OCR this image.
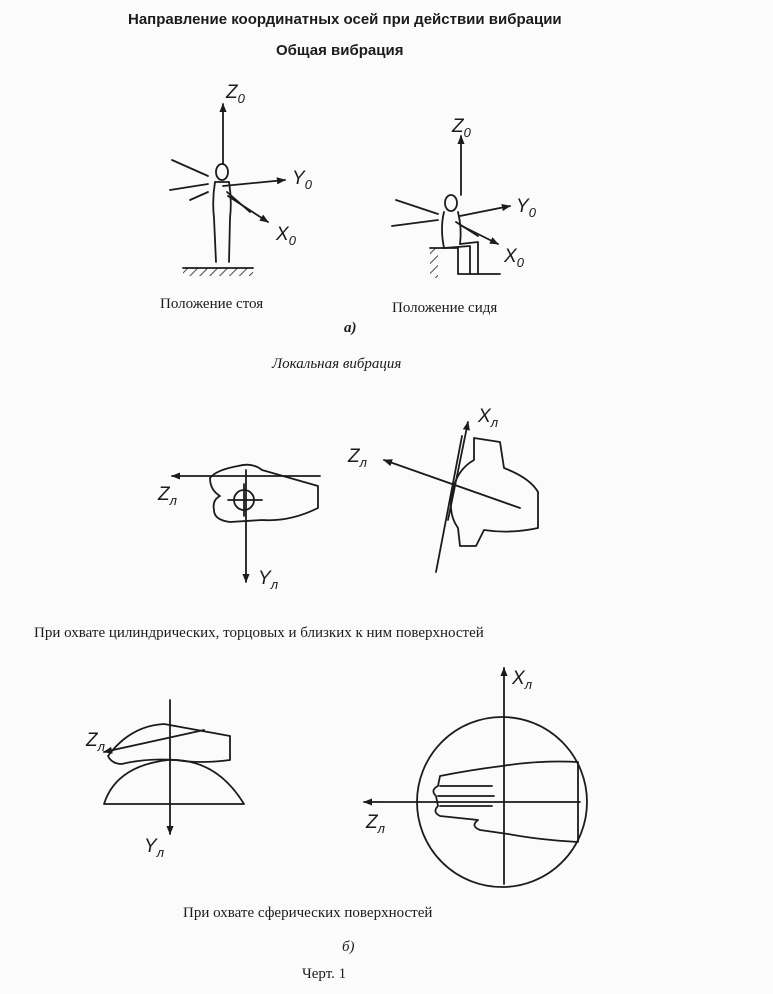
Направление координатных осей при действии вибрации
Общая вибрация
Положение стоя	Положение сидя
а)
Локальная вибрация
При охвате цилиндрических, торцовых и близких к ним поверхностей
При охвате сферических поверхностей
б)
Черт. 1
$Z_0$
$Y_0$
$X_0$
$Z_0$
$Y_0$
$X_0$
$Z_л$
$Y_л$
$Z_л$
$X_л$
$Z_л$
$Y_л$
$X_л$
$Z_л$
